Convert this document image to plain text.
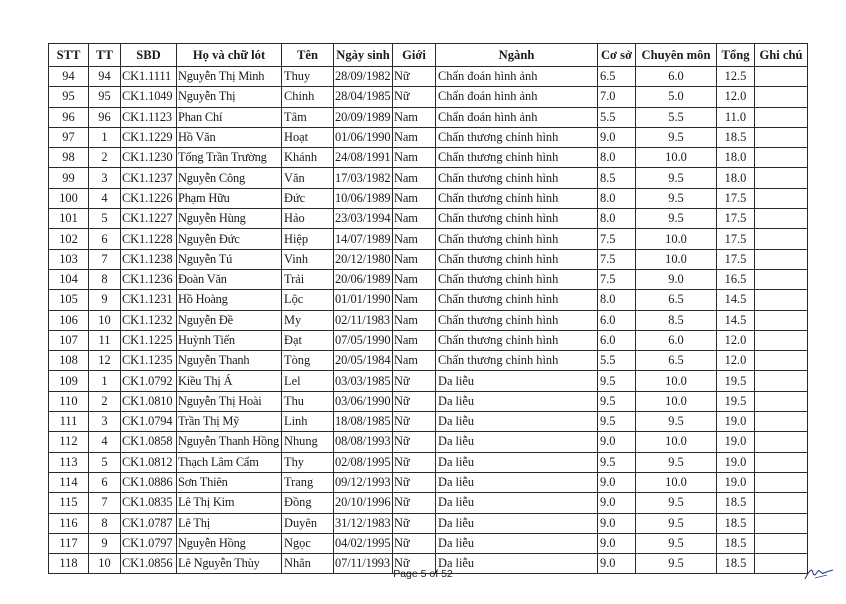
STT	TT	SBD	Họ và chữ lót	Tên	Ngày sinh	Giới	Ngành	Cơ sở	Chuyên môn	Tổng	Ghi chú
94	94	CK1.1111	Nguyễn Thị Minh	Thuy	28/09/1982	Nữ	Chẩn đoán hình ảnh	6.5	6.0	12.5	
95	95	CK1.1049	Nguyễn Thị	Chinh	28/04/1985	Nữ	Chẩn đoán hình ảnh	7.0	5.0	12.0	
96	96	CK1.1123	Phan Chí	Tâm	20/09/1989	Nam	Chẩn đoán hình ảnh	5.5	5.5	11.0	
97	1	CK1.1229	Hồ Văn	Hoạt	01/06/1990	Nam	Chấn thương chỉnh hình	9.0	9.5	18.5	
98	2	CK1.1230	Tống Trần Trường	Khánh	24/08/1991	Nam	Chấn thương chỉnh hình	8.0	10.0	18.0	
99	3	CK1.1237	Nguyễn Công	Văn	17/03/1982	Nam	Chấn thương chỉnh hình	8.5	9.5	18.0	
100	4	CK1.1226	Phạm Hữu	Đức	10/06/1989	Nam	Chấn thương chỉnh hình	8.0	9.5	17.5	
101	5	CK1.1227	Nguyễn Hùng	Hảo	23/03/1994	Nam	Chấn thương chỉnh hình	8.0	9.5	17.5	
102	6	CK1.1228	Nguyễn Đức	Hiệp	14/07/1989	Nam	Chấn thương chỉnh hình	7.5	10.0	17.5	
103	7	CK1.1238	Nguyễn Tú	Vinh	20/12/1980	Nam	Chấn thương chỉnh hình	7.5	10.0	17.5	
104	8	CK1.1236	Đoàn Văn	Trải	20/06/1989	Nam	Chấn thương chỉnh hình	7.5	9.0	16.5	
105	9	CK1.1231	Hồ Hoàng	Lộc	01/01/1990	Nam	Chấn thương chỉnh hình	8.0	6.5	14.5	
106	10	CK1.1232	Nguyễn Đề	My	02/11/1983	Nam	Chấn thương chỉnh hình	6.0	8.5	14.5	
107	11	CK1.1225	Huỳnh Tiến	Đạt	07/05/1990	Nam	Chấn thương chỉnh hình	6.0	6.0	12.0	
108	12	CK1.1235	Nguyễn Thanh	Tòng	20/05/1984	Nam	Chấn thương chỉnh hình	5.5	6.5	12.0	
109	1	CK1.0792	Kiều Thị Á	Lel	03/03/1985	Nữ	Da liễu	9.5	10.0	19.5	
110	2	CK1.0810	Nguyễn Thị Hoài	Thu	03/06/1990	Nữ	Da liễu	9.5	10.0	19.5	
111	3	CK1.0794	Trần Thị Mỹ	Linh	18/08/1985	Nữ	Da liễu	9.5	9.5	19.0	
112	4	CK1.0858	Nguyễn Thanh Hồng	Nhung	08/08/1993	Nữ	Da liễu	9.0	10.0	19.0	
113	5	CK1.0812	Thạch Lâm Cẩm	Thy	02/08/1995	Nữ	Da liễu	9.5	9.5	19.0	
114	6	CK1.0886	Sơn Thiên	Trang	09/12/1993	Nữ	Da liễu	9.0	10.0	19.0	
115	7	CK1.0835	Lê Thị Kim	Đồng	20/10/1996	Nữ	Da liễu	9.0	9.5	18.5	
116	8	CK1.0787	Lê Thị	Duyên	31/12/1983	Nữ	Da liễu	9.0	9.5	18.5	
117	9	CK1.0797	Nguyễn Hồng	Ngọc	04/02/1995	Nữ	Da liễu	9.0	9.5	18.5	
118	10	CK1.0856	Lê Nguyễn Thùy	Nhân	07/11/1993	Nữ	Da liễu	9.0	9.5	18.5	
Page 5 of 52
